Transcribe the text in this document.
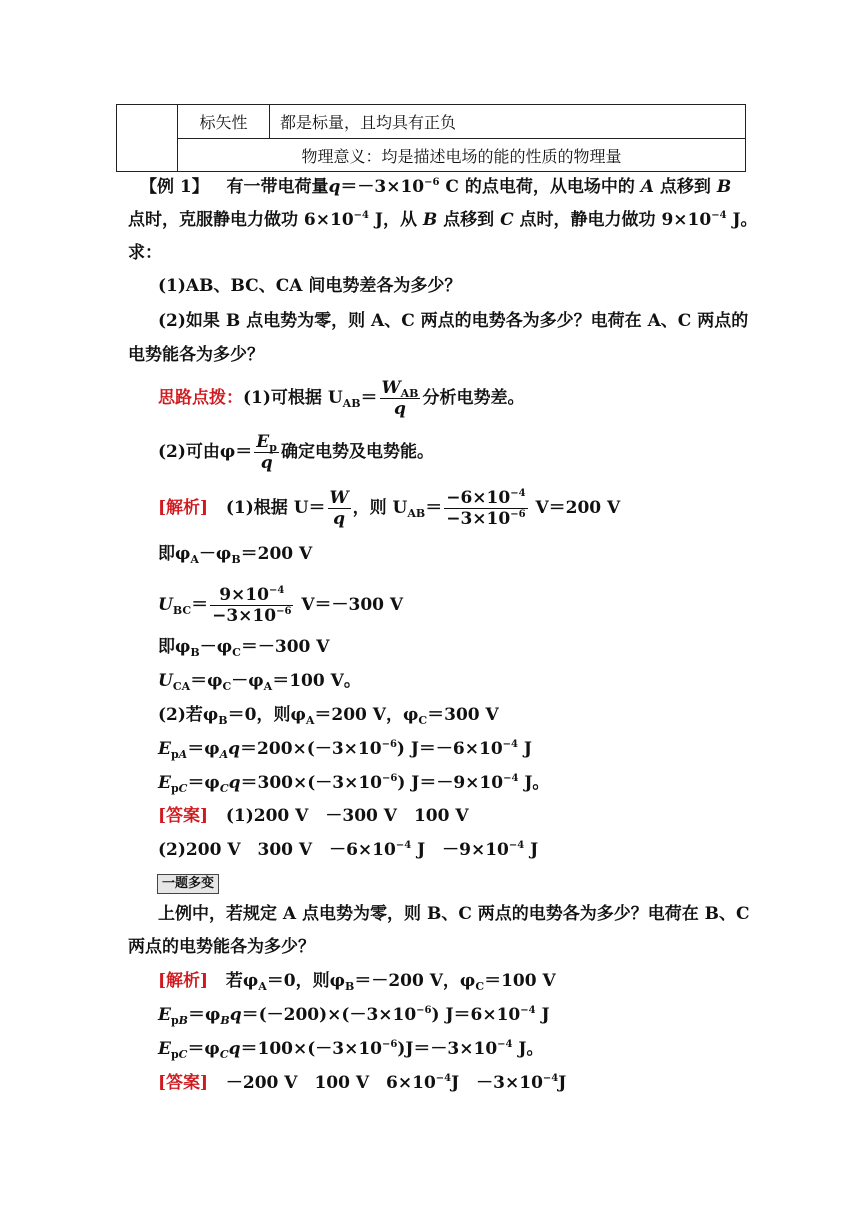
标矢性	都是标量，且均具有正负
物理意义：均是描述电场的能的性质的物理量
【例 1】 有一带电荷量$q=-3\times 10^{-6}$ C 的点电荷，从电场中的 A 点移到 B
点时，克服静电力做功 $6\times 10^{-4}$ J，从 B 点移到 C 点时，静电力做功 $9\times 10^{-4}$ J。
求：
(1)AB、BC、CA 间电势差各为多少？
(2)如果 B 点电势为零，则 A、C 两点的电势各为多少？电荷在 A、C 两点的
电势能各为多少？
思路点拨：(1)可根据 $U_{AB}= \frac{W_{AB}}{q}$ 分析电势差。
(2)可由$\varphi= \frac{E_p}{q}$ 确定电势及电势能。
[解析] (1)根据 $U= \frac{W}{q}$ ，则 $U_{AB}= \frac{-6\times 10^{-4}}{-3\times 10^{-6}} V=200$ V
即$\varphi_A-\varphi_B=200$ V
$U_{BC}= \frac{9\times 10^{-4}}{-3\times 10^{-6}} V=-300$ V
即$\varphi_B-\varphi_C=-300$ V
$U_{CA}=\varphi_C-\varphi_A=100$ V。
(2)若$\varphi_B=0$，则$\varphi_A=200$ V，$\varphi_C=300$ V
$E_{pA}=\varphi_Aq=200\times(-3\times 10^{-6})$ $J=-6\times 10^{-4}$ J
$E_{pC}=\varphi_Cq=300\times(-3\times 10^{-6})$ $J=-9\times 10^{-4}$ J。
[答案] (1)200 V　－300 V　100 V
(2)200 V　300 V　$-6\times 10^{-4}$ J　$-9\times 10^{-4}$ J
一题多变
上例中，若规定 A 点电势为零，则 B、C 两点的电势各为多少？电荷在 B、C
两点的电势能各为多少？
[解析] 若$\varphi_A=0$，则$\varphi_B=-200$ V，$\varphi_C=100$ V
$E_{pB}=\varphi_Bq=(-200)\times(-3\times 10^{-6})$ $J=6\times 10^{-4}$ J
$E_{pC}=\varphi_Cq=100\times(-3\times 10^{-6})J=-3\times 10^{-4}$ J。
[答案] －200 V　100 V　$6\times 10^{-4}J$　$-3\times 10^{-4}J$
